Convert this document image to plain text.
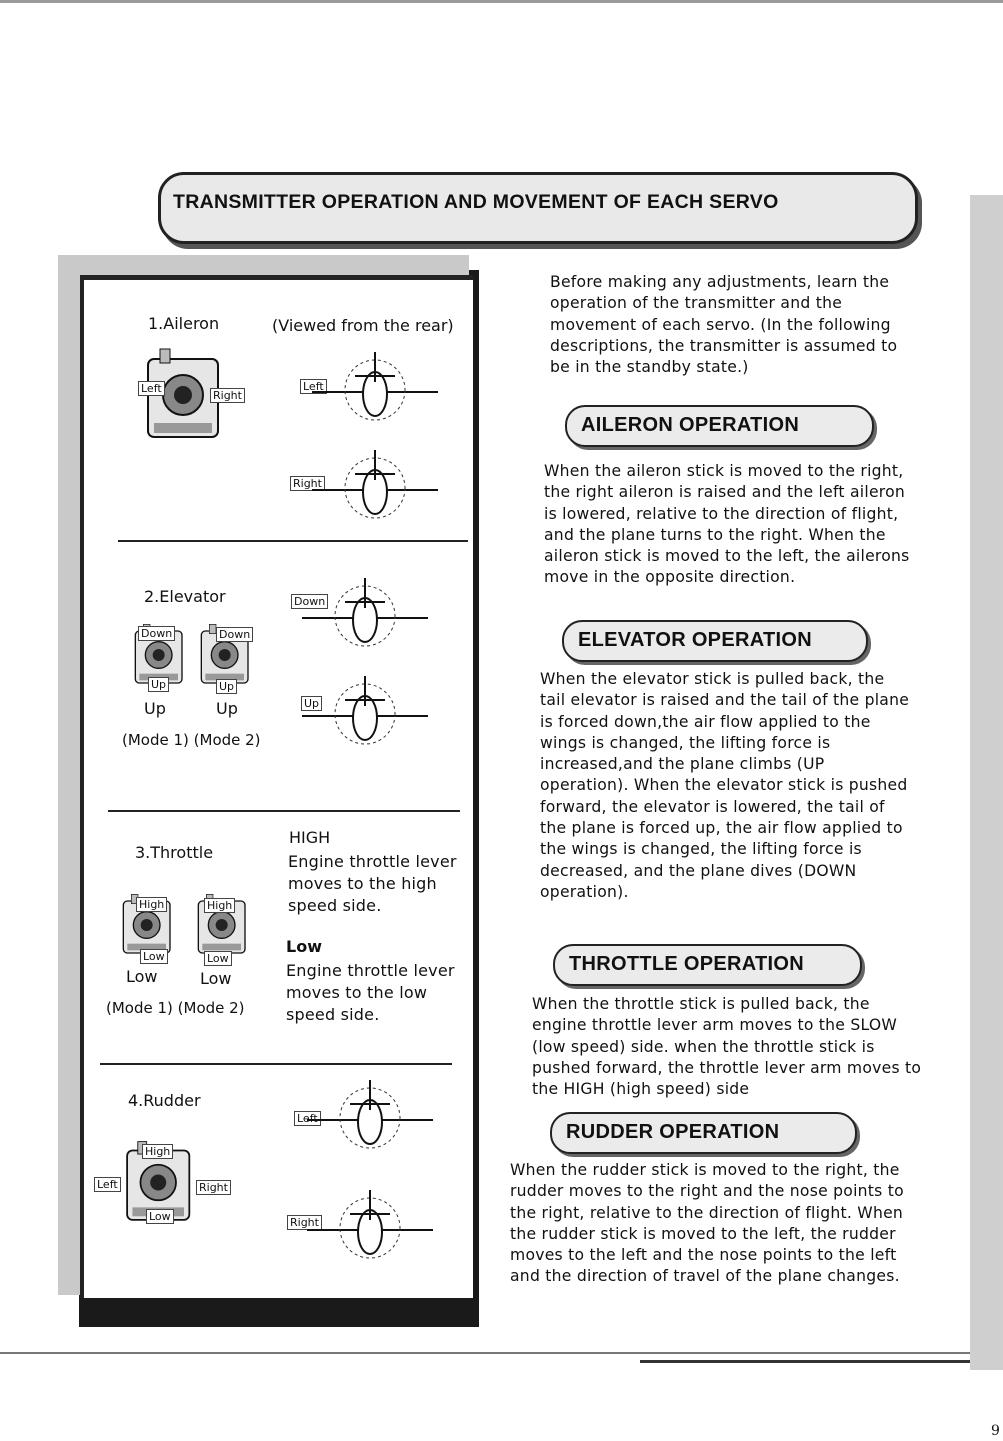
TRANSMITTER OPERATION AND MOVEMENT OF EACH SERVO
1.Aileron	(Viewed from the rear)
Left
Right
Left
Right
2.Elevator
Down	Down
Up	Up
Up	Up
(Mode 1) (Mode 2)
Down
Up
3.Throttle
High	High
Low	Low
Low	Low
(Mode 1) (Mode 2)
HIGH
Engine throttle lever moves to the high speed side.
Low
Engine throttle lever moves to the low speed side.
4.Rudder
High
Left	Right
Low
Left
Right
Before making any adjustments, learn the operation of the transmitter and the movement of each servo. (In the following descriptions, the transmitter is assumed to be in the standby state.)
AILERON OPERATION
When the aileron stick is moved to the right, the right aileron is raised and the left aileron is lowered, relative to the direction of flight, and the plane turns to the right. When the aileron stick is moved to the left, the ailerons move in the opposite direction.
ELEVATOR OPERATION
When the elevator stick is pulled back, the tail elevator is raised and the tail of the plane is forced down,the air flow applied to the wings is changed, the lifting force is increased,and the plane climbs (UP operation). When the elevator stick is pushed forward, the elevator is lowered, the tail of the plane is forced up, the air flow applied to the wings is changed, the lifting force is decreased, and the plane dives (DOWN operation).
THROTTLE OPERATION
When the throttle stick is pulled back, the engine throttle lever arm moves to the SLOW (low speed) side. when the throttle stick is pushed forward, the throttle lever arm moves to the HIGH (high speed) side
RUDDER OPERATION
When the rudder stick is moved to the right, the rudder moves to the right and the nose points to the right, relative to the direction of flight. When the rudder stick is moved to the left, the rudder moves to the left and the nose points to the left and the direction of travel of the plane changes.
9
